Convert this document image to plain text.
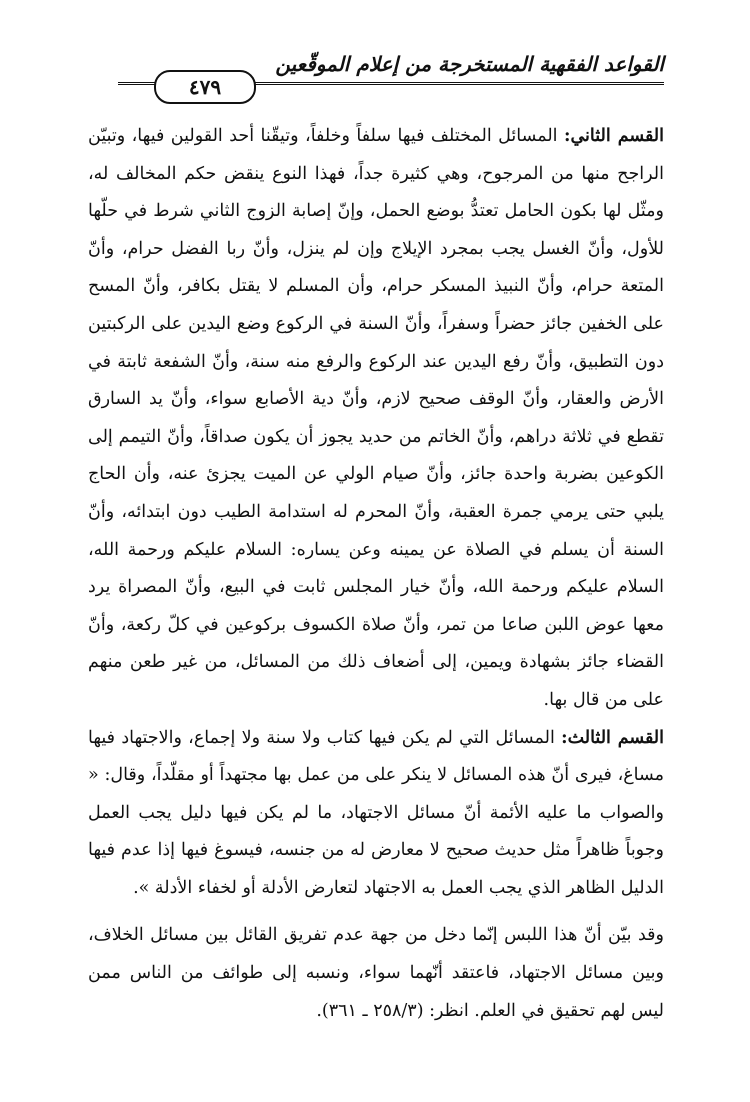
القواعد الفقهية المستخرجة من إعلام الموقّعين
٤٧٩

القسم الثاني: المسائل المختلف فيها سلفاً وخلفاً، وتيقّنا أحد القولين فيها، وتبيّن الراجح منها من المرجوح، وهي كثيرة جداً، فهذا النوع ينقض حكم المخالف له، ومثّل لها بكون الحامل تعتدُّ بوضع الحمل، وإنّ إصابة الزوج الثاني شرط في حلّها للأول، وأنّ الغسل يجب بمجرد الإيلاج وإن لم ينزل، وأنّ ربا الفضل حرام، وأنّ المتعة حرام، وأنّ النبيذ المسكر حرام، وأن المسلم لا يقتل بكافر، وأنّ المسح على الخفين جائز حضراً وسفراً، وأنّ السنة في الركوع وضع اليدين على الركبتين دون التطبيق، وأنّ رفع اليدين عند الركوع والرفع منه سنة، وأنّ الشفعة ثابتة في الأرض والعقار، وأنّ الوقف صحيح لازم، وأنّ دية الأصابع سواء، وأنّ يد السارق تقطع في ثلاثة دراهم، وأنّ الخاتم من حديد يجوز أن يكون صداقاً، وأنّ التيمم إلى الكوعين بضربة واحدة جائز، وأنّ صيام الولي عن الميت يجزئ عنه، وأن الحاج يلبي حتى يرمي جمرة العقبة، وأنّ المحرم له استدامة الطيب دون ابتدائه، وأنّ السنة أن يسلم في الصلاة عن يمينه وعن يساره: السلام عليكم ورحمة الله، السلام عليكم ورحمة الله، وأنّ خيار المجلس ثابت في البيع، وأنّ المصراة يرد معها عوض اللبن صاعا من تمر، وأنّ صلاة الكسوف بركوعين في كلّ ركعة، وأنّ القضاء جائز بشهادة ويمين، إلى أضعاف ذلك من المسائل، من غير طعن منهم على من قال بها.

القسم الثالث: المسائل التي لم يكن فيها كتاب ولا سنة ولا إجماع، والاجتهاد فيها مساغ، فيرى أنّ هذه المسائل لا ينكر على من عمل بها مجتهداً أو مقلّداً، وقال: « والصواب ما عليه الأئمة أنّ مسائل الاجتهاد، ما لم يكن فيها دليل يجب العمل وجوباً ظاهراً مثل حديث صحيح لا معارض له من جنسه، فيسوغ فيها إذا عدم فيها الدليل الظاهر الذي يجب العمل به الاجتهاد لتعارض الأدلة أو لخفاء الأدلة ».

وقد بيّن أنّ هذا اللبس إنّما دخل من جهة عدم تفريق القائل بين مسائل الخلاف، وبين مسائل الاجتهاد، فاعتقد أنّهما سواء، ونسبه إلى طوائف من الناس ممن ليس لهم تحقيق في العلم. انظر: (٢٥٨/٣ ـ ٣٦١).
